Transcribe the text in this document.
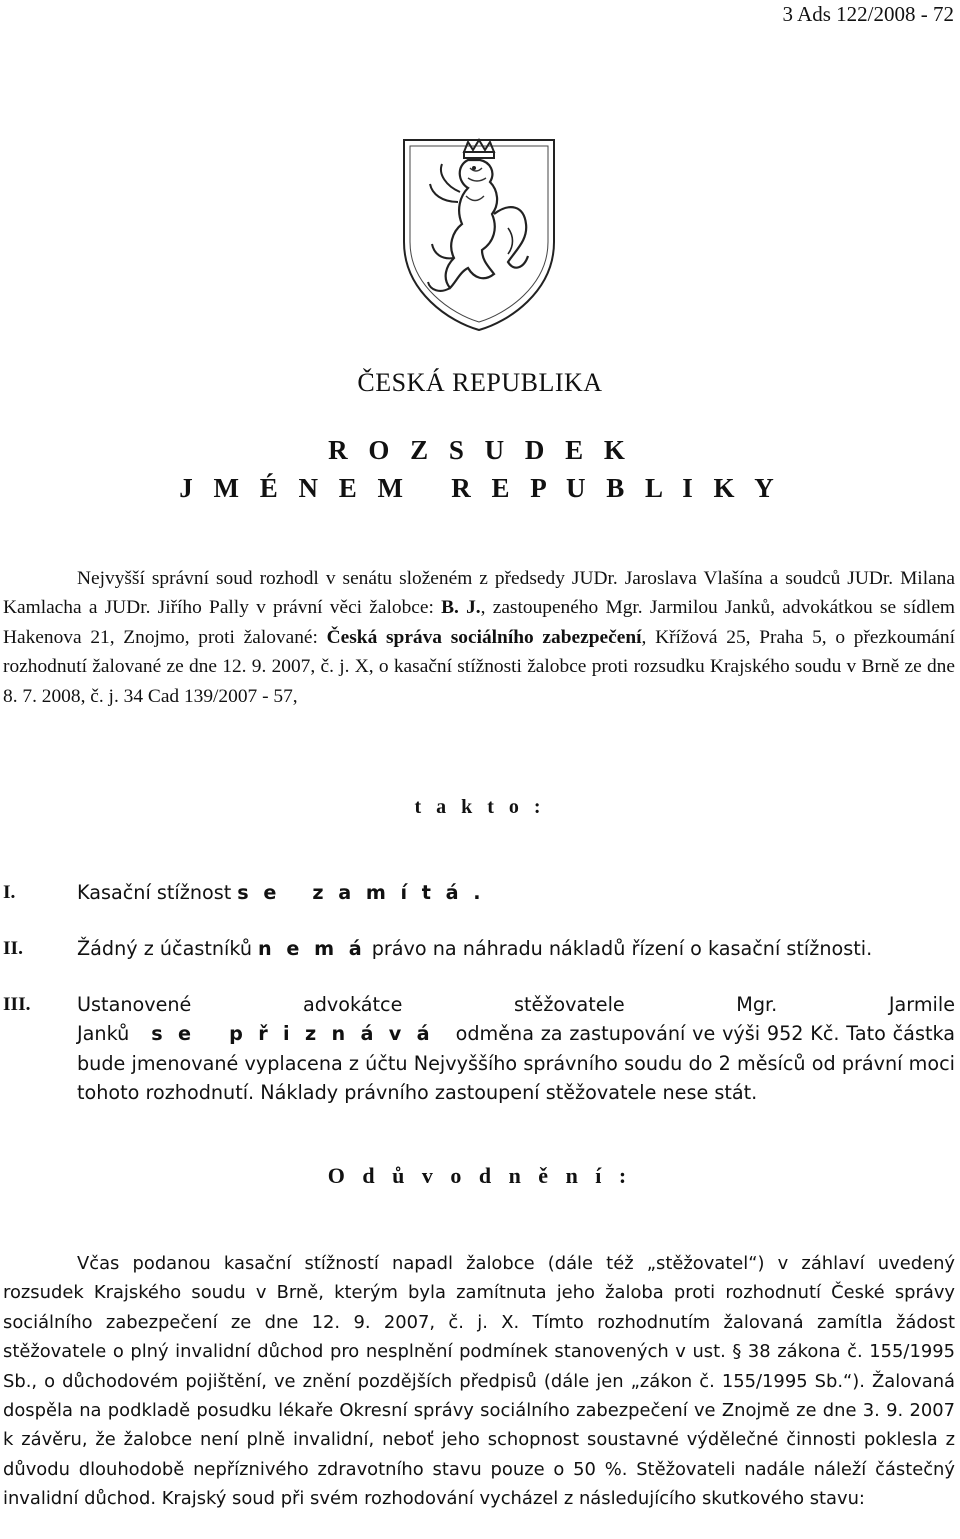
3 Ads 122/2008 - 72
ČESKÁ REPUBLIKA
R O Z S U D E K
J M É N E M   R E P U B L I K Y
Nejvyšší správní soud rozhodl v senátu složeném z předsedy JUDr. Jaroslava Vlašína a soudců JUDr. Milana Kamlacha a JUDr. Jiřího Pally v právní věci žalobce: B. J., zastoupeného Mgr. Jarmilou Janků, advokátkou se sídlem Hakenova 21, Znojmo, proti žalované: Česká správa sociálního zabezpečení, Křížová 25, Praha 5, o přezkoumání rozhodnutí žalované ze dne 12. 9. 2007, č. j. X, o kasační stížnosti žalobce proti rozsudku Krajského soudu v Brně ze dne 8. 7. 2008, č. j. 34 Cad 139/2007 - 57,
t a k t o :
I.	Kasační stížnost s e   z a m í t á .
II.	Žádný z účastníků n e m á právo na náhradu nákladů řízení o kasační stížnosti.
III. Ustanovené advokátce stěžovatele Mgr. Jarmile Janků s e   p ř i z n á v á odměna za zastupování ve výši 952 Kč. Tato částka bude jmenované vyplacena z účtu Nejvyššího správního soudu do 2 měsíců od právní moci tohoto rozhodnutí. Náklady právního zastoupení stěžovatele nese stát.
O d ů v o d n ě n í :
Včas podanou kasační stížností napadl žalobce (dále též „stěžovatel“) v záhlaví uvedený rozsudek Krajského soudu v Brně, kterým byla zamítnuta jeho žaloba proti rozhodnutí České správy sociálního zabezpečení ze dne 12. 9. 2007, č. j. X. Tímto rozhodnutím žalovaná zamítla žádost stěžovatele o plný invalidní důchod pro nesplnění podmínek stanovených v ust. § 38 zákona č. 155/1995 Sb., o důchodovém pojištění, ve znění pozdějších předpisů (dále jen „zákon č. 155/1995 Sb.“). Žalovaná dospěla na podkladě posudku lékaře Okresní správy sociálního zabezpečení ve Znojmě ze dne 3. 9. 2007 k závěru, že žalobce není plně invalidní, neboť jeho schopnost soustavné výdělečné činnosti poklesla z důvodu dlouhodobě nepříznivého zdravotního stavu pouze o 50 %. Stěžovateli nadále náleží částečný invalidní důchod. Krajský soud při svém rozhodování vycházel z následujícího skutkového stavu:
